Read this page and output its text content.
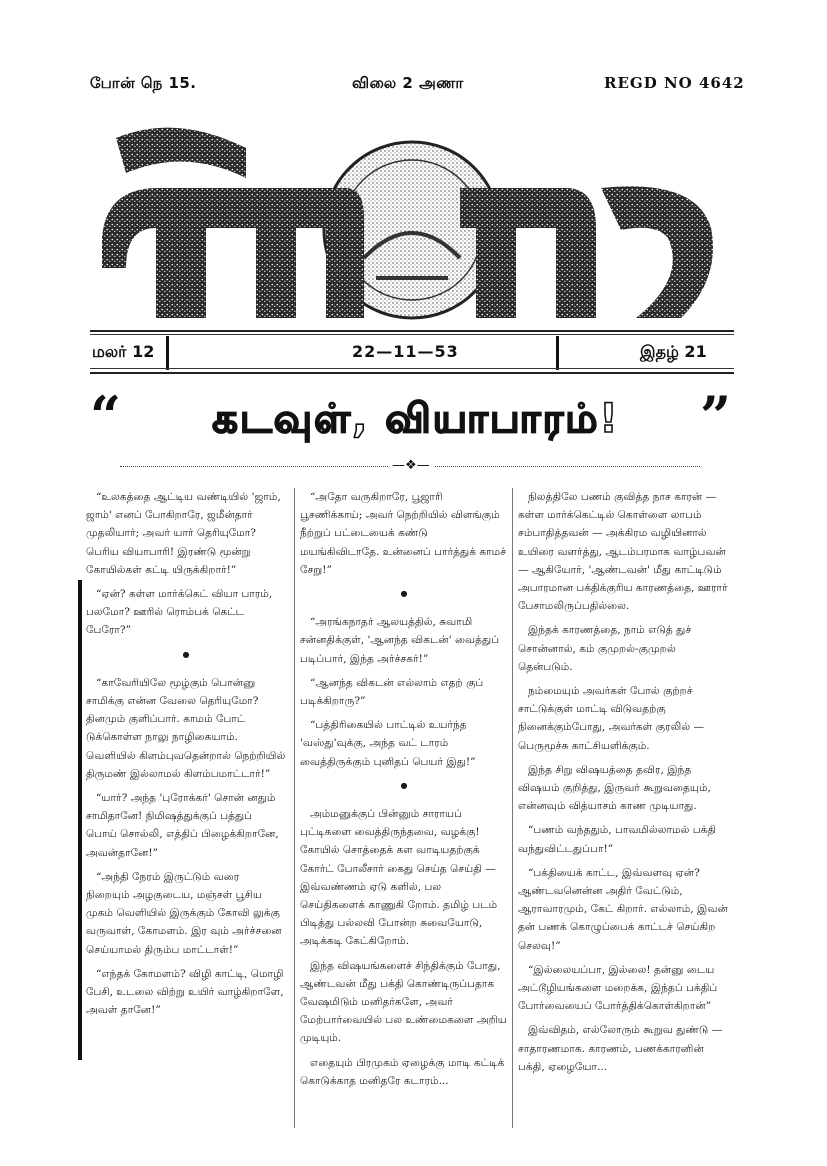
போன் நெ 15.	விலை 2 அணா	REGD NO 4642
மலர் 12	22—11—53	இதழ் 21
“	கடவுள், வியாபாரம்!	”
—❖—

“உலகத்தை ஆட்டிய வண்டியில் 'ஜாம், ஜாம்' எனப் போகிறாரே, ஜமீன்தார் முதலியார்; அவர் யார் தெரியுமோ? பெரிய வியாபாரி! இரண்டு மூன்று கோயில்கள் கட்டி யிருக்கிறார்!”

“ஏன்? கள்ள மார்க்கெட் வியா பாரம், பலமோ? ஊரில் ரொம்பக் கெட்ட பேரோ?”

●

“காவேரியிலே மூழ்கும் பொன்னு சாமிக்கு என்ன வேலை தெரியுமோ? தினமும் குளிப்பார். காமம் போட் டுக்கொள்ள நாலு நாழிகையாம். வெளியில் கிளம்புவதென்றால் நெற்றியில் திருமண் இல்லாமல் கிளம்பமாட்டார்!”

“யார்? அந்த 'புரோக்கர்' சொன் னதும் சாமிதானே! நிமிஷத்துக்குப் பத்துப் பொய் சொல்லி, எத்திப் பிழைக்கிறானே, அவன்தானே!”

“அந்தி நேரம் இருட்டும் வரை நிறையும் அழகுடைய, மஞ்சள் பூசிய முகம் வெளியில் இருக்கும் கோவி லுக்கு வருவாள், கோமளம். இர வும் அர்ச்சனை செய்யாமல் திரும்ப மாட்டாள்!”

“எந்தக் கோமளம்? விழி காட்டி, மொழி பேசி, உடலை விற்று உயிர் வாழ்கிறாளே, அவள் தானே!”

“அதோ வருகிறாரே, பூஜாரி பூசணிக்காய்; அவர் நெற்றியில் விளங்கும் நீற்றுப் பட்டையைக் கண்டு மயங்கிவிடாதே. உன்னைப் பார்த்துக் காமச் சேறு!”

●

“அரங்கநாதர் ஆலயத்தில், சுவாமி சன்னதிக்குள், 'ஆனந்த விகடன்' வைத்துப் படிப்பார், இந்த அர்ச்சகர்!”

“ஆனந்த விகடன் எல்லாம் எதற் குப் படிக்கிறாரு?”

“பத்திரிகையில் பாட்டில் உயர்ந்த 'வஸ்து'வுக்கு, அந்த வட் டாரம் வைத்திருக்கும் புனிதப் பெயர் இது!”

●

அம்மனுக்குப் பின்னும் சாராயப் புட்டிகளை வைத்திருந்தவை, வழக்கு! கோயில் சொத்தைக் கள வாடியதற்குக் கோர்ட் போலீசார் கைது செய்த செய்தி — இவ்வண்ணம் ஏடு களில், பல செய்திகளைக் காணுகி றோம். தமிழ் படம் பிடித்து பல்லவி போன்ற சுவையோடு, அடிக்கடி கேட்கிறோம்.

இந்த விஷயங்களைச் சிந்திக்கும் போது, ஆண்டவன் மீது பக்தி கொண்டிருப்பதாக வேஷமிடும் மனிதர்களே, அவர் மேற்பார்வையில் பல உண்மைகளை அறிய முடியும்.

எதையும் பிரமுகம் ஏழைக்கு மாடி கட்டிக் கொடுக்காத மனிதரே கடாரம்...

நிலத்திலே பணம் குவித்த நாச காரன் — கள்ள மார்க்கெட்டில் கொள்ளை லாபம் சம்பாதித்தவன் — அக்கிரம வழியினால் உயிரை வளர்த்து, ஆடம்பரமாக வாழ்பவன் — ஆகியோர், 'ஆண்டவன்' மீது காட்டிடும் அபாரமான பக்திக்குரிய காரணத்தை, ஊரார் பேசாமலிருப்பதில்லை.

இந்தக் காரணத்தை, நாம் எடுத் துச் சொன்னால், கம் குமுறல்-குமுறல் தென்படும்.

நம்மையும் அவர்கள் போல் குற்றச் சாட்டுக்குள் மாட்டி விடுவதற்கு நினைக்கும்போது, அவர்கள் குரலில் — பெருமூச்சு காட்சியளிக்கும்.

இந்த சிறு விஷயத்தை தவிர, இந்த விஷயம் குறித்து, இருவர் கூறுவதையும், என்னவும் வித்யாசம் காண முடியாது.

“பணம் வந்ததும், பாவமில்லாமல் பக்தி வந்துவிட்டதுப்பா!”

“பக்தியைக் காட்ட, இவ்வளவு ஏன்? ஆண்டவனென்ன அதிர் வேட்டும், ஆராவாரமும், கேட் கிறார். எல்லாம், இவன் தன் பணக் கொழுப்பைக் காட்டச் செய்கிற செலவு!”

“இல்லையப்பா, இல்லை! தன்னு டைய அட்டூழியங்களை மறைக்க, இந்தப் பக்திப் போர்வையைப் போர்த்திக்கொள்கிறான்”

இவ்விதம், எல்லோரும் கூறுவ துண்டு — சாதாரணமாக. காரணம், பணக்காரனின் பக்தி, ஏழையோ...
